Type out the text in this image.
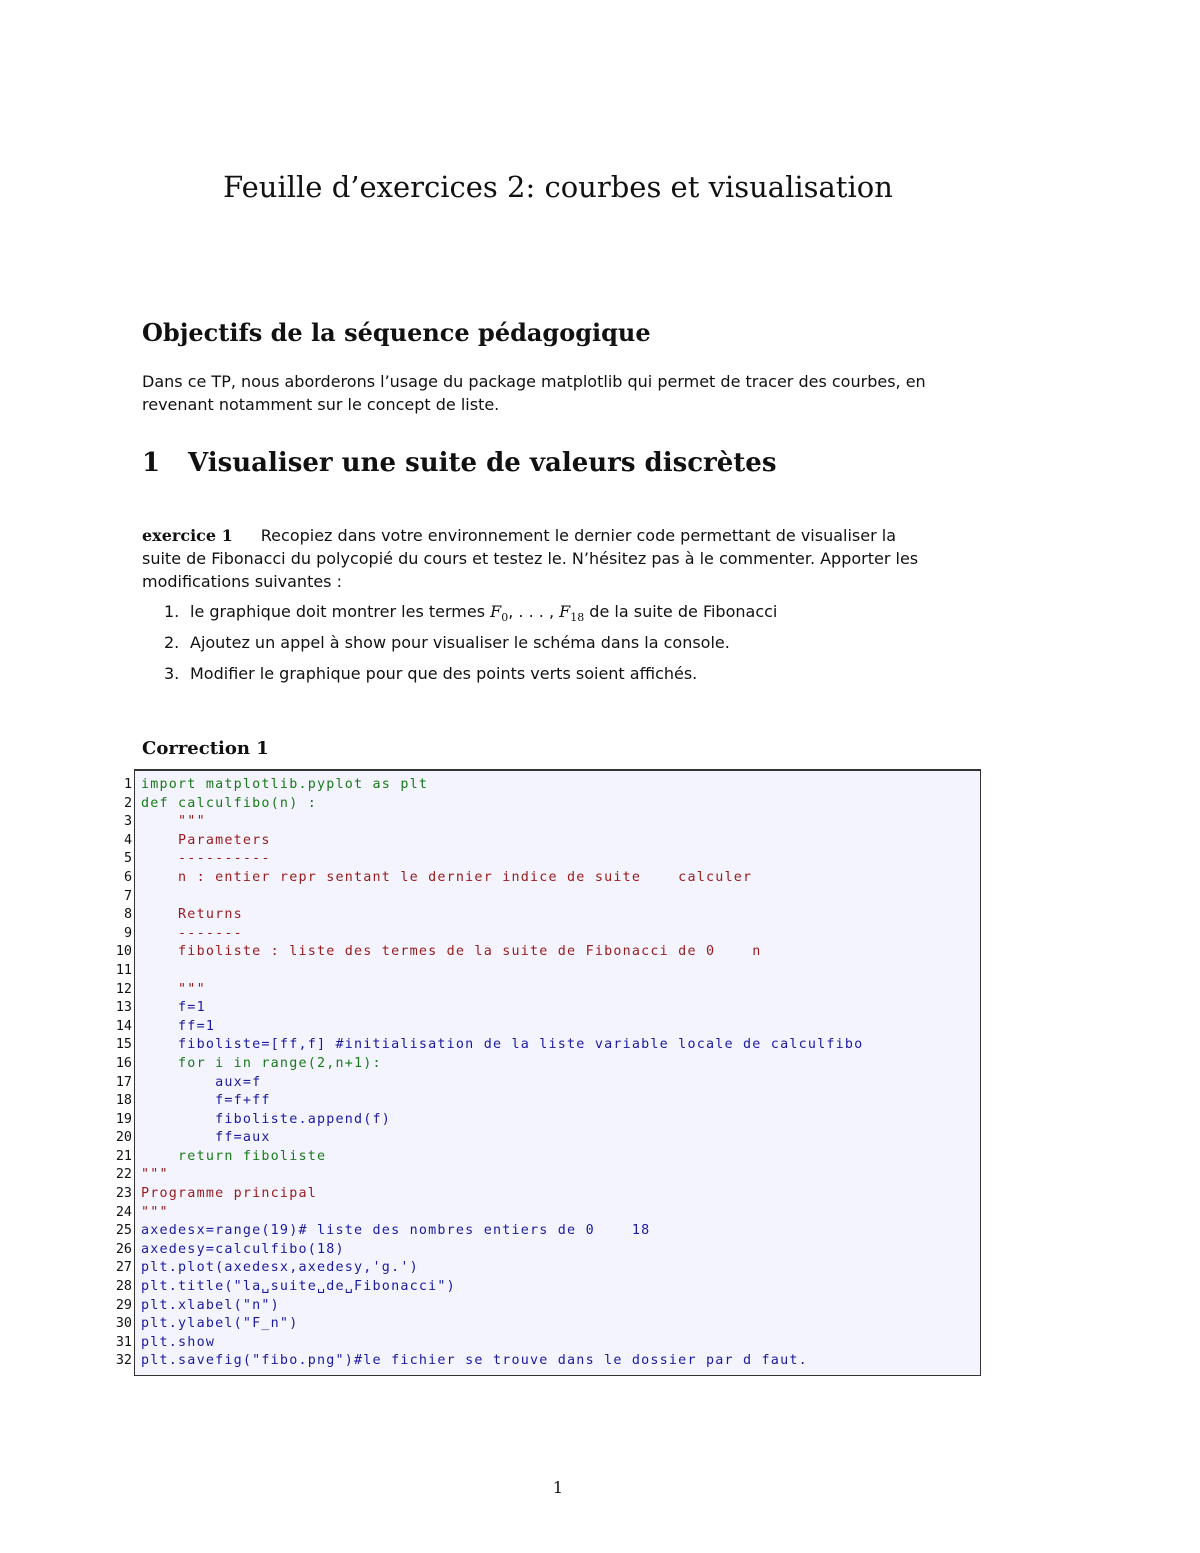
Feuille d’exercices 2: courbes et visualisation
Objectifs de la séquence pédagogique
Dans ce TP, nous aborderons l’usage du package matplotlib qui permet de tracer des courbes, en
revenant notamment sur le concept de liste.
1 Visualiser une suite de valeurs discrètes
exercice 1 Recopiez dans votre environnement le dernier code permettant de visualiser la
suite de Fibonacci du polycopié du cours et testez le. N’hésitez pas à le commenter. Apporter les
modifications suivantes :
1. le graphique doit montrer les termes $F_0$, . . . , $F_{18}$ de la suite de Fibonacci
2. Ajoutez un appel à show pour visualiser le schéma dans la console.
3. Modifier le graphique pour que des points verts soient affichés.
Correction 1
1 import matplotlib.pyplot as plt
2 def calculfibo(n) :
3    """
4    Parameters
5    ----------
6    n : entier repr sentant le dernier indice de suite    calculer
7
8    Returns
9    -------
10    fiboliste : liste des termes de la suite de Fibonacci de 0    n
11
12    """
13    f=1
14    ff=1
15    fiboliste=[ff,f] #initialisation de la liste variable locale de calculfibo
16    for i in range(2,n+1):
17        aux=f
18        f=f+ff
19        fiboliste.append(f)
20        ff=aux
21    return fiboliste
22 """
23 Programme principal
24 """
25 axedesx=range(19)# liste des nombres entiers de 0    18
26 axedesy=calculfibo(18)
27 plt.plot(axedesx,axedesy,'g.')
28 plt.title("la␣suite␣de␣Fibonacci")
29 plt.xlabel("n")
30 plt.ylabel("F_n")
31 plt.show
32 plt.savefig("fibo.png")#le fichier se trouve dans le dossier par d faut.
1
